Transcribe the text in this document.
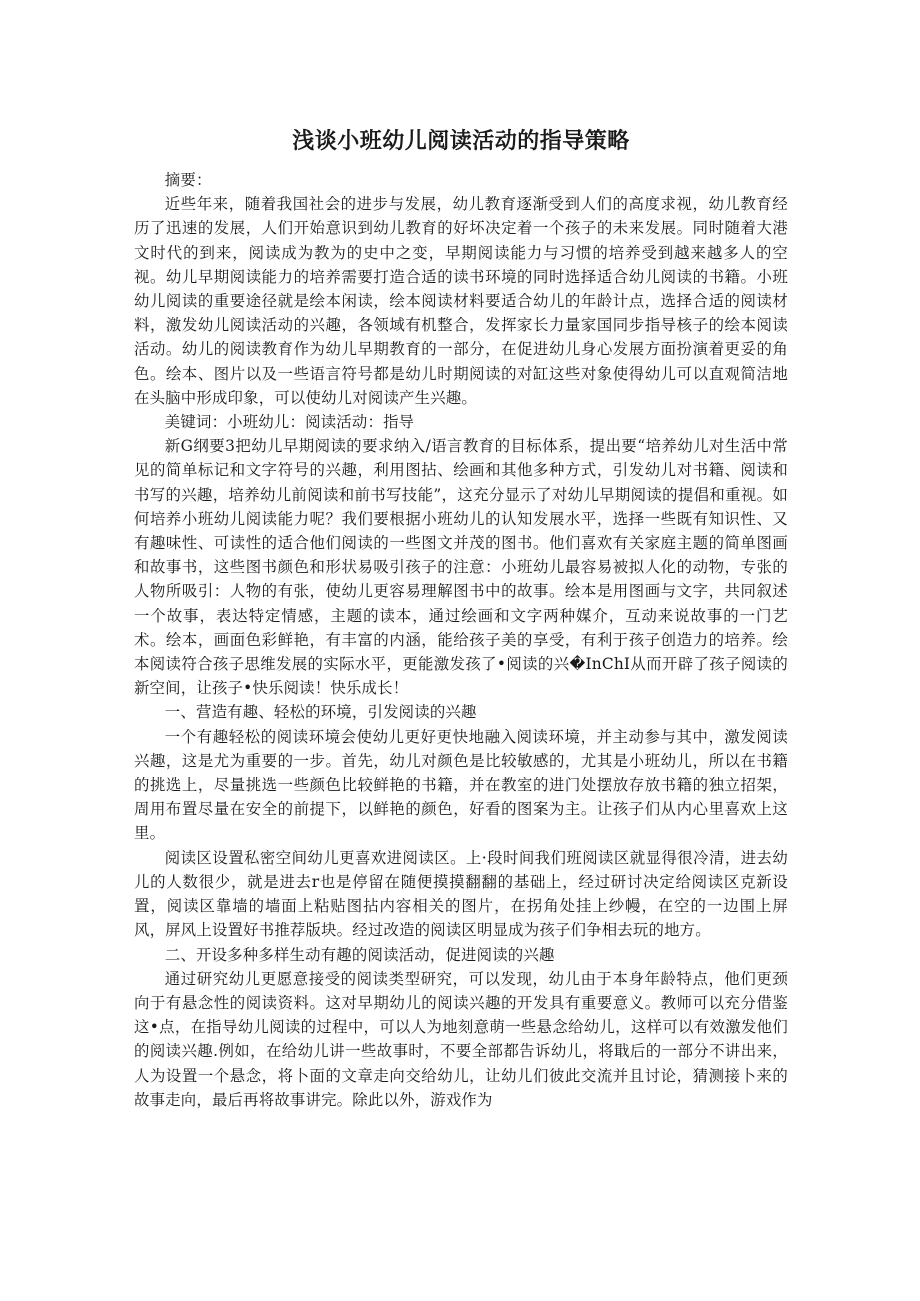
浅谈小班幼儿阅读活动的指导策略

摘要：

近些年来，随着我国社会的进步与发展，幼儿教育逐渐受到人们的高度求视，幼儿教育经历了迅速的发展，人们开始意识到幼儿教育的好坏决定着一个孩子的未来发展。同时随着大港文时代的到来，阅读成为教为的史中之变，早期阅读能力与习惯的培养受到越来越多人的空视。幼儿早期阅读能力的培养需要打造合适的读书环境的同时选择适合幼儿阅读的书籍。小班幼儿阅读的重要途径就是绘本闲读，绘本阅读材料要适合幼儿的年龄计点，选择合适的阅读材料，激发幼儿阅读活动的兴趣，各领域有机整合，发挥家长力量家国同步指导核子的绘本阅读活动。幼儿的阅读教育作为幼儿早期教育的一部分，在促进幼儿身心发展方面扮演着更妥的角色。绘本、图片以及一些语言符号都是幼儿时期阅读的对缸这些对象使得幼儿可以直观简洁地在头脑中形成印象，可以使幼儿对阅读产生兴趣。

美键词：小班幼儿：阅读活动：指导

新G纲要3把幼儿早期阅读的要求纳入/语言教育的目标体系，提出要“培养幼儿对生活中常见的简单标记和文字符号的兴趣，利用图拈、绘画和其他多种方式，引发幼儿对书籍、阅读和书写的兴趣，培养幼儿前阅读和前书写技能”，这充分显示了对幼儿早期阅读的提倡和重视。如何培养小班幼儿阅读能力呢？我们要根据小班幼儿的认知发展水平，选择一些既有知识性、又有趣味性、可读性的适合他们阅读的一些图文并茂的图书。他们喜欢有关家庭主题的简单图画和故事书，这些图书颜色和形状易吸引孩子的注意：小班幼儿最容易被拟人化的动物，专张的人物所吸引：人物的有张，使幼儿更容易理解图书中的故事。绘本是用图画与文字，共同叙述一个故事，表达特定情感，主题的读本，通过绘画和文字两种媒介，互动来说故事的一门艺术。绘本，画面色彩鲜艳，有丰富的内涵，能给孩子美的享受，有利于孩子创造力的培养。绘本阅读符合孩子思维发展的实际水平，更能激发孩了•阅读的兴�InChI从而开辟了孩子阅读的新空间，让孩子•快乐阅读！快乐成长！

一、营造有趣、轻松的环境，引发阅读的兴趣

一个有趣轻松的阅读环境会使幼儿更好更快地融入阅读环境，并主动参与其中，激发阅读兴趣，这是尤为重要的一步。首先，幼儿对颜色是比较敏感的，尤其是小班幼儿，所以在书籍的挑选上，尽量挑选一些颜色比较鲜艳的书籍，并在教室的进门处摆放存放书籍的独立招架，周用布置尽量在安全的前提下，以鲜艳的颜色，好看的图案为主。让孩子们从内心里喜欢上这里。

阅读区设置私密空间幼儿更喜欢进阅读区。上·段时间我们班阅读区就显得很冷清，进去幼儿的人数很少，就是进去r也是停留在随便摸摸翻翻的基础上，经过研讨决定给阅读区克新设置，阅读区靠墙的墙面上粘贴图拈内容相关的图片，在拐角处挂上纱幔，在空的一边围上屏风，屏风上设置好书推荐版块。经过改造的阅读区明显成为孩子们争相去玩的地方。

二、开设多种多样生动有趣的阅读活动，促进阅读的兴趣

通过研究幼儿更愿意接受的阅读类型研究，可以发现，幼儿由于本身年龄特点，他们更颈向于有悬念性的阅读资料。这对早期幼儿的阅读兴趣的开发具有重要意义。教师可以充分借鉴这•点，在指导幼儿阅读的过程中，可以人为地刻意萌一些悬念给幼儿，这样可以有效激发他们的阅读兴趣.例如，在给幼儿讲一些故事时，不要全部都告诉幼儿，将戢后的一部分不讲出来，人为设置一个悬念，将卜面的文章走向交给幼儿，让幼儿们彼此交流并且讨论，猜测接卜来的故事走向，最后再将故事讲完。除此以外，游戏作为
